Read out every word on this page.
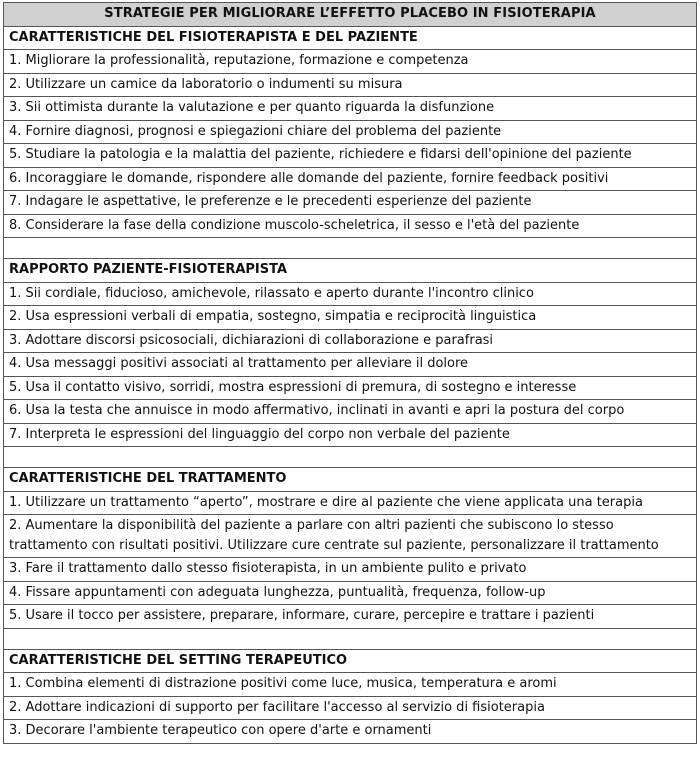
STRATEGIE PER MIGLIORARE L’EFFETTO PLACEBO IN FISIOTERAPIA
CARATTERISTICHE DEL FISIOTERAPISTA E DEL PAZIENTE
1. Migliorare la professionalità, reputazione, formazione e competenza
2. Utilizzare un camice da laboratorio o indumenti su misura
3. Sii ottimista durante la valutazione e per quanto riguarda la disfunzione
4. Fornire diagnosi, prognosi e spiegazioni chiare del problema del paziente
5. Studiare la patologia e la malattia del paziente, richiedere e fidarsi dell'opinione del paziente
6. Incoraggiare le domande, rispondere alle domande del paziente, fornire feedback positivi
7. Indagare le aspettative, le preferenze e le precedenti esperienze del paziente
8. Considerare la fase della condizione muscolo-scheletrica, il sesso e l'età del paziente

RAPPORTO PAZIENTE-FISIOTERAPISTA
1. Sii cordiale, fiducioso, amichevole, rilassato e aperto durante l'incontro clinico
2. Usa espressioni verbali di empatia, sostegno, simpatia e reciprocità linguistica
3. Adottare discorsi psicosociali, dichiarazioni di collaborazione e parafrasi
4. Usa messaggi positivi associati al trattamento per alleviare il dolore
5. Usa il contatto visivo, sorridi, mostra espressioni di premura, di sostegno e interesse
6. Usa la testa che annuisce in modo affermativo, inclinati in avanti e apri la postura del corpo
7. Interpreta le espressioni del linguaggio del corpo non verbale del paziente

CARATTERISTICHE DEL TRATTAMENTO
1. Utilizzare un trattamento “aperto”, mostrare e dire al paziente che viene applicata una terapia
2. Aumentare la disponibilità del paziente a parlare con altri pazienti che subiscono lo stesso trattamento con risultati positivi. Utilizzare cure centrate sul paziente, personalizzare il trattamento
3. Fare il trattamento dallo stesso fisioterapista, in un ambiente pulito e privato
4. Fissare appuntamenti con adeguata lunghezza, puntualità, frequenza, follow-up
5. Usare il tocco per assistere, preparare, informare, curare, percepire e trattare i pazienti

CARATTERISTICHE DEL SETTING TERAPEUTICO
1. Combina elementi di distrazione positivi come luce, musica, temperatura e aromi
2. Adottare indicazioni di supporto per facilitare l'accesso al servizio di fisioterapia
3. Decorare l'ambiente terapeutico con opere d'arte e ornamenti
